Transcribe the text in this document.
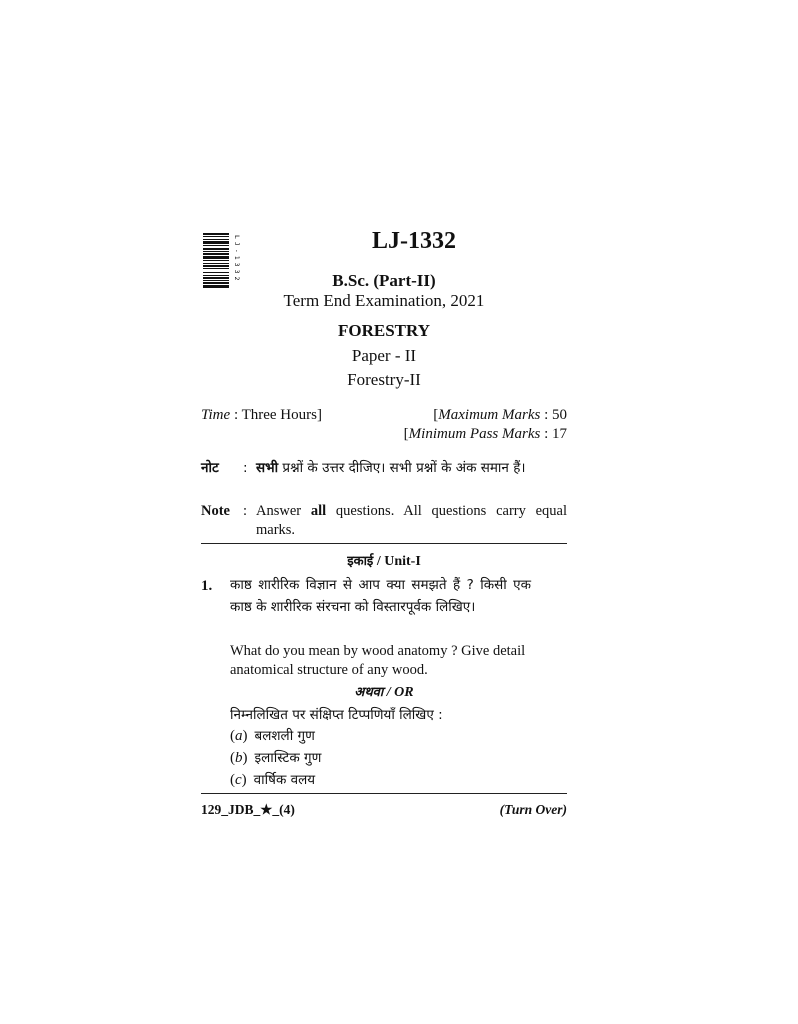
LJ-1332	LJ-1332
B.Sc. (Part-II)
Term End Examination, 2021
FORESTRY
Paper - II
Forestry-II
Time : Three Hours]	[Maximum Marks : 50
[Minimum Pass Marks : 17
नोट : सभी प्रश्नों के उत्तर दीजिए। सभी प्रश्नों के अंक समान हैं।
Note : Answer all questions. All questions carry equal marks.
इकाई / Unit-I
1. काष्ठ शारीरिक विज्ञान से आप क्या समझते हैं ? किसी एक काष्ठ के शारीरिक संरचना को विस्तारपूर्वक लिखिए।
What do you mean by wood anatomy ? Give detail anatomical structure of any wood.
अथवा / OR
निम्नलिखित पर संक्षिप्त टिप्पणियाँ लिखिए :
(a) बलशली गुण
(b) इलास्टिक गुण
(c) वार्षिक वलय
129_JDB_★_(4)	(Turn Over)
